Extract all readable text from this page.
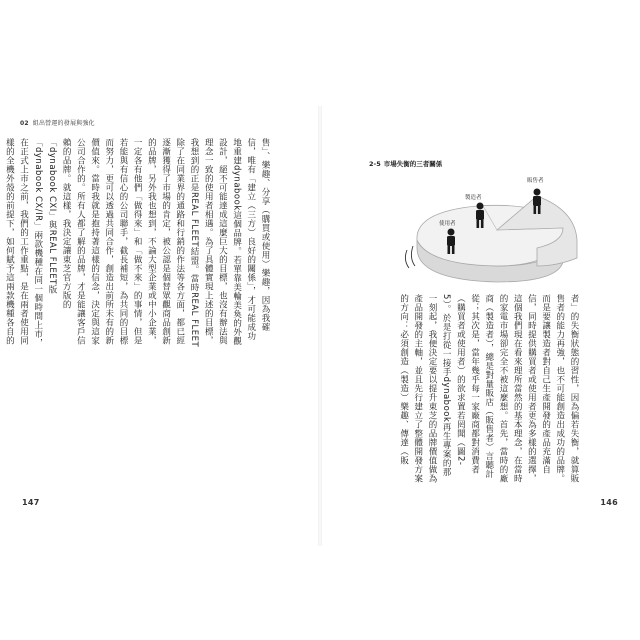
02 組出營運的發展與強化
售」、樂趣、分享（購買或使用）樂趣，因為我確信，唯有「建立（三方）良好的關係」，才可能成功地重建dynabook這個品牌。若單靠美輪美奐的外觀設計，絕不可能達成這麼巨大的目標，也沒有辦法與理念一致的使用者相遇。為了具體實現上述的目標，我想到的正是REAL FLEET結盟。當時REAL FLEET除了在同業界的通路和行銷的作法等各方面，都已經逐漸獲得了市場的肯定，被公認是個替眾觀商品創新的品牌，另外我也想到，不論大型企業或中小企業，一定各有他們「做得來」和「做不來」的事情，但是若能與有信心的公司聯手，截長補短，為共同的目標而努力，更可以透過共同合作，創造出前所未有的新價值來。當時我就是抱持著這樣的信念，決定與這家公司合作的。所有人都了解的品牌，才是能讓客戶信賴的品牌。就這樣，我決定讓東芝官方版的「dynabook CXI」與REAL FLEET版「dynabook CX/IR」兩款機種在同一個時間上市，在正式上市之前，我們的工作重點，是在兩者使用同樣的全機外殼的前提下，如何賦予這兩款機種各自的
147
2-5 市場失衡的三者關係
販售者
製造者
使用者
者」的失衡狀態的習性，因為偏若失衡，就算販售者的能力再強，也不可能創造出成功的品牌。而是要讓製造者對自己生產開發的產品充滿自信，同時提供購買者或使用者更為多樣的選擇，這個我們現在看來理所當然的基本理念，在當時的家電市場卻完全不被這麼想。首先，當時的廠商（製造者），總是對量販店（販售者）言聽計從；其次是，當年幾乎每一家廠商都對消費者（購買者或使用者）的欲求置若罔聞（圖2-5）。於是打從一接手dynabook再生專案的那一刻起，我便決定要以提升東芝的品牌價值做為產品開發的主軸，並且先行建立了整體開發方案的方向：必須創造（製造）樂趣、傳達（販
146
